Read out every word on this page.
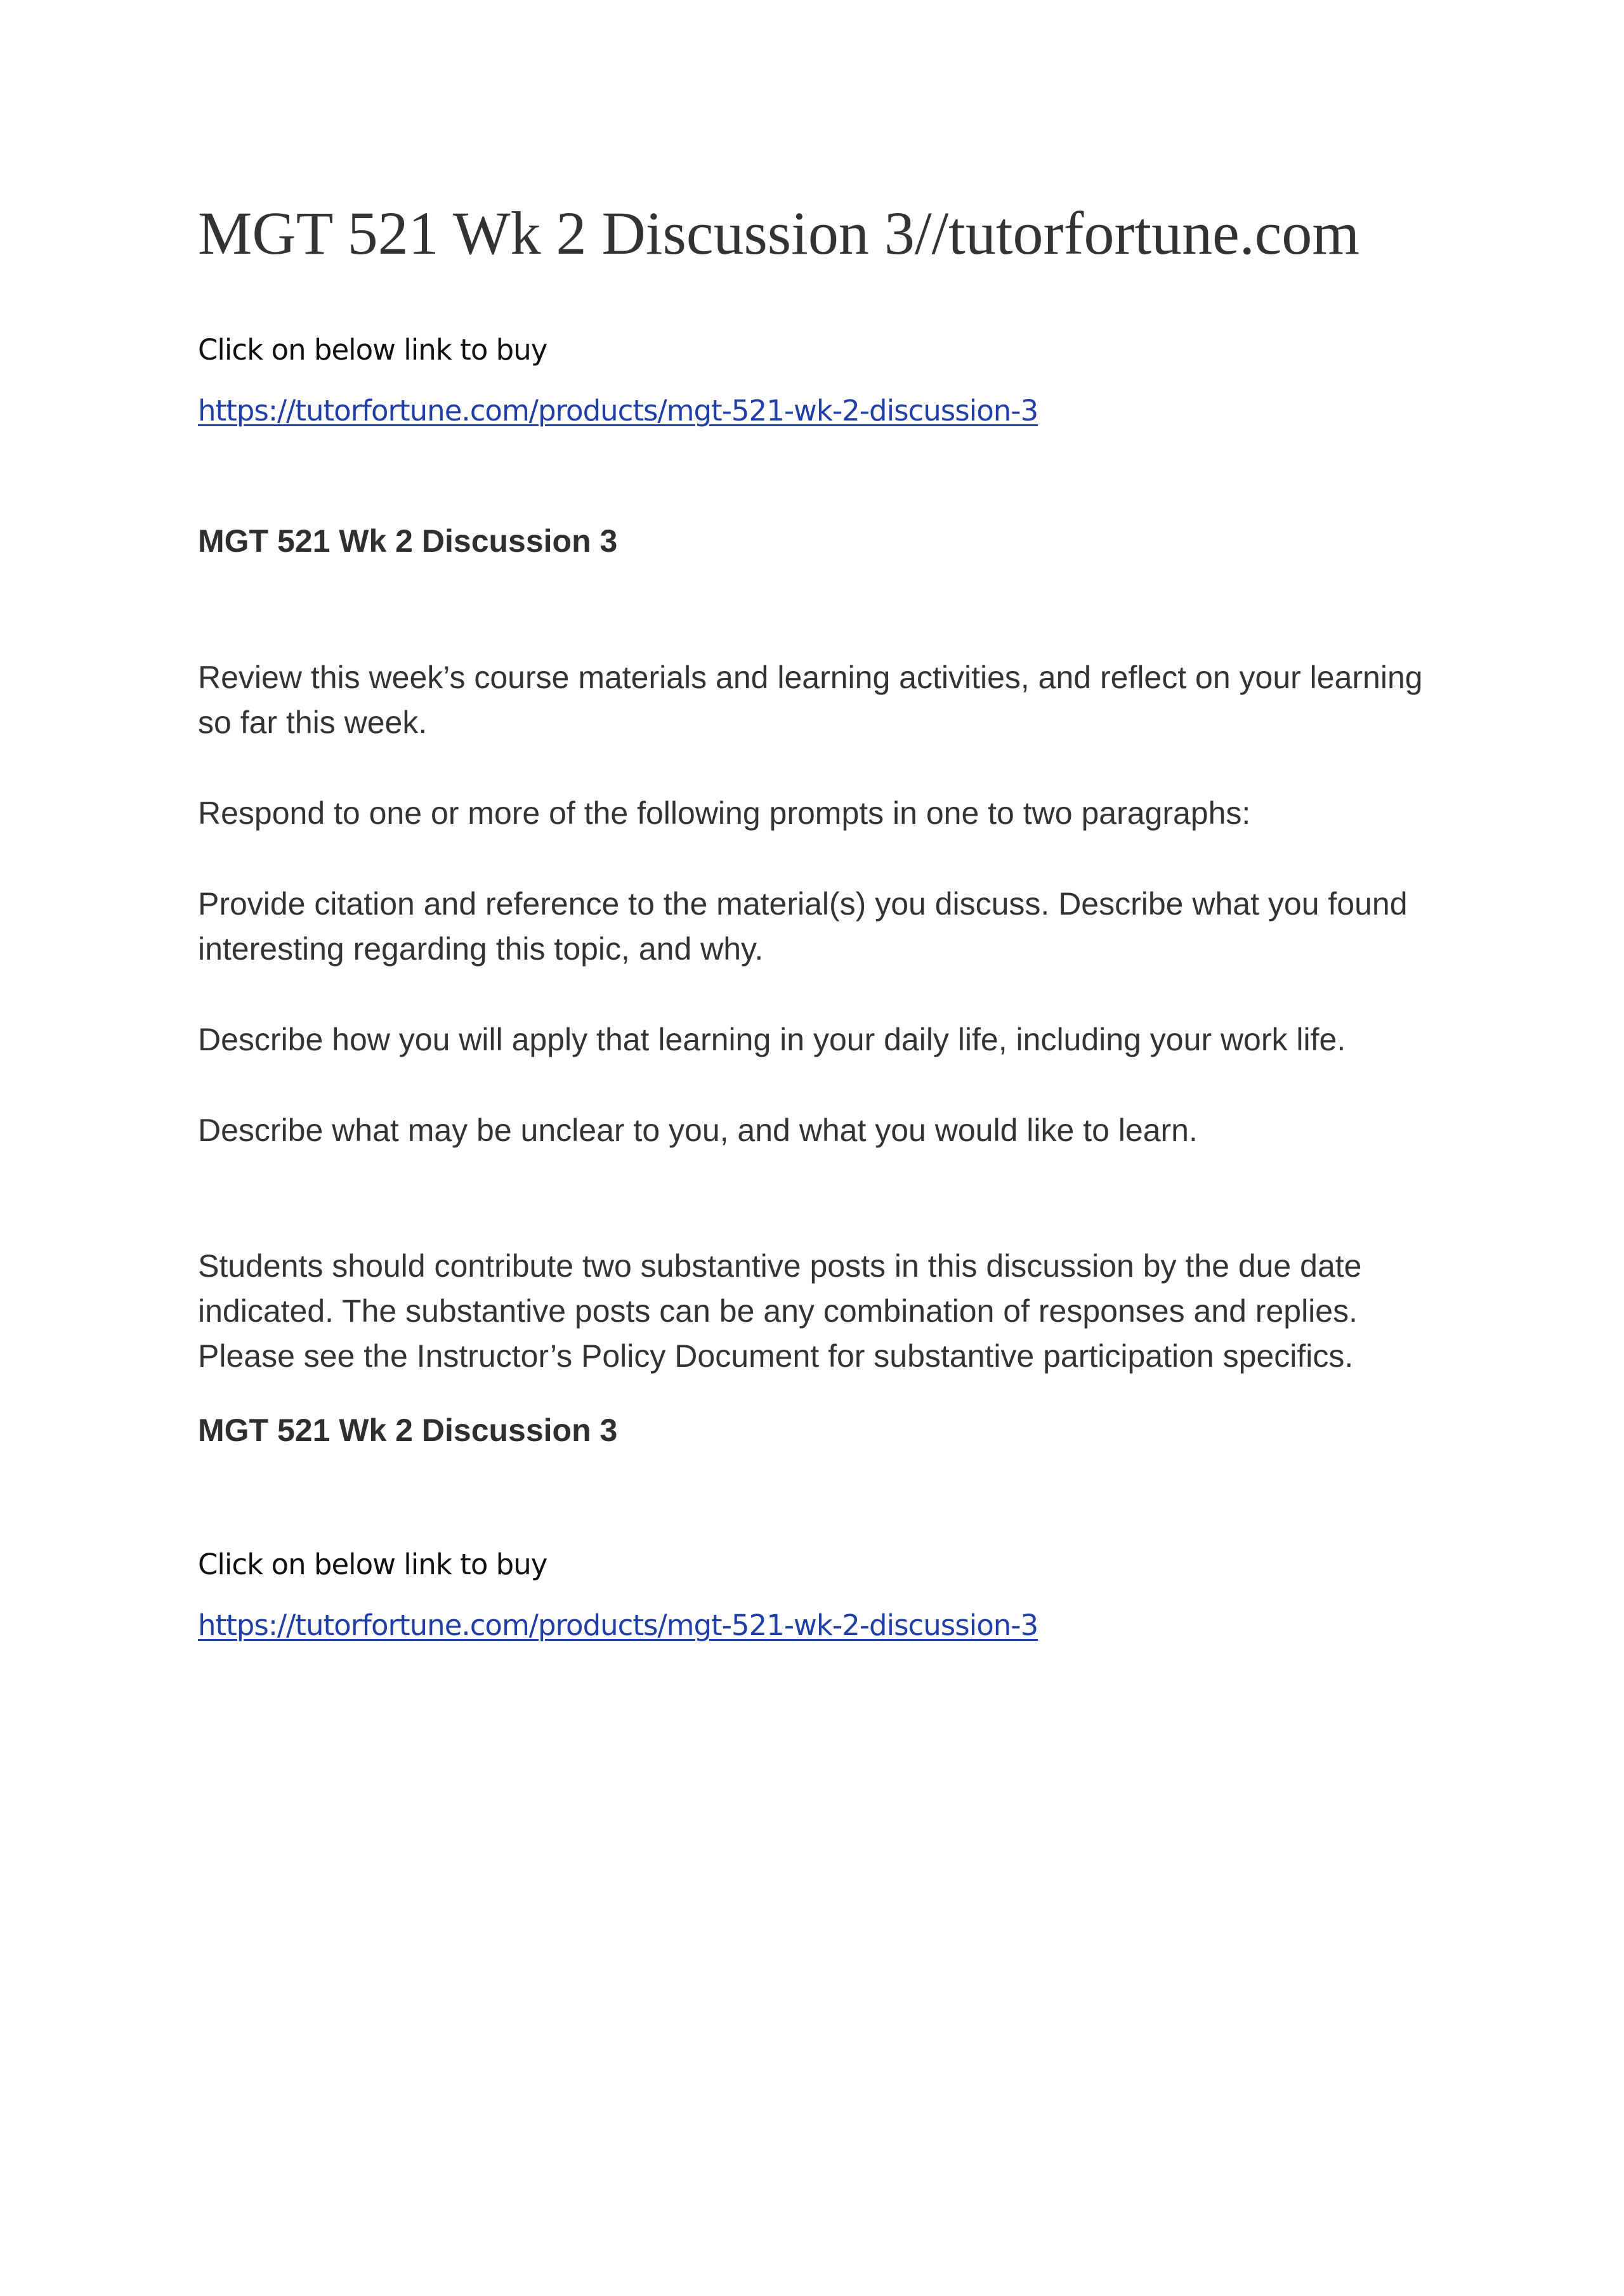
MGT 521 Wk 2 Discussion 3//tutorfortune.com
Click on below link to buy
https://tutorfortune.com/products/mgt-521-wk-2-discussion-3
MGT 521 Wk 2 Discussion 3

Review this week’s course materials and learning activities, and reflect on your learning so far this week.

Respond to one or more of the following prompts in one to two paragraphs:

Provide citation and reference to the material(s) you discuss. Describe what you found interesting regarding this topic, and why.

Describe how you will apply that learning in your daily life, including your work life.

Describe what may be unclear to you, and what you would like to learn.

Students should contribute two substantive posts in this discussion by the due date indicated. The substantive posts can be any combination of responses and replies. Please see the Instructor’s Policy Document for substantive participation specifics.

MGT 521 Wk 2 Discussion 3
Click on below link to buy
https://tutorfortune.com/products/mgt-521-wk-2-discussion-3
